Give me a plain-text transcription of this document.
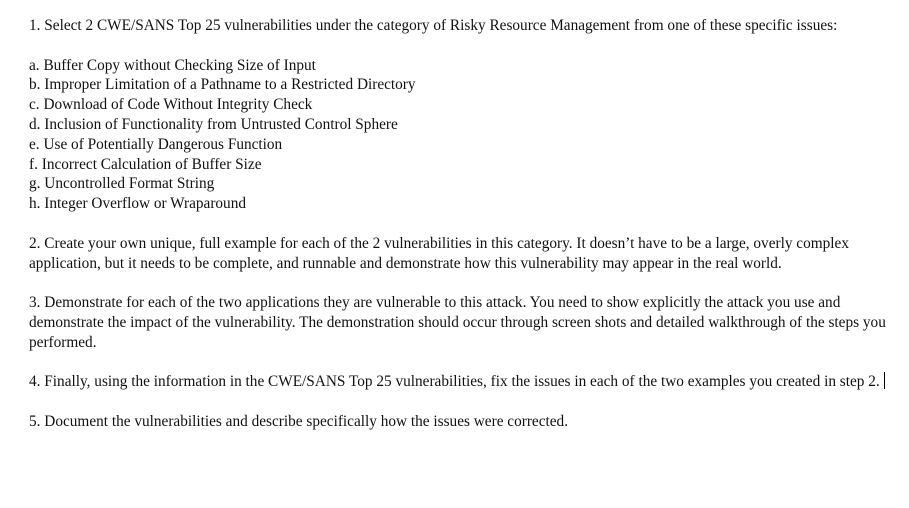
1. Select 2 CWE/SANS Top 25 vulnerabilities under the category of Risky Resource Management from one of these specific issues:

a. Buffer Copy without Checking Size of Input
b. Improper Limitation of a Pathname to a Restricted Directory
c. Download of Code Without Integrity Check
d. Inclusion of Functionality from Untrusted Control Sphere
e. Use of Potentially Dangerous Function
f. Incorrect Calculation of Buffer Size
g. Uncontrolled Format String
h. Integer Overflow or Wraparound

2. Create your own unique, full example for each of the 2 vulnerabilities in this category. It doesn’t have to be a large, overly complex application, but it needs to be complete, and runnable and demonstrate how this vulnerability may appear in the real world.

3. Demonstrate for each of the two applications they are vulnerable to this attack. You need to show explicitly the attack you use and demonstrate the impact of the vulnerability. The demonstration should occur through screen shots and detailed walkthrough of the steps you performed.

4. Finally, using the information in the CWE/SANS Top 25 vulnerabilities, fix the issues in each of the two examples you created in step 2.

5. Document the vulnerabilities and describe specifically how the issues were corrected.
